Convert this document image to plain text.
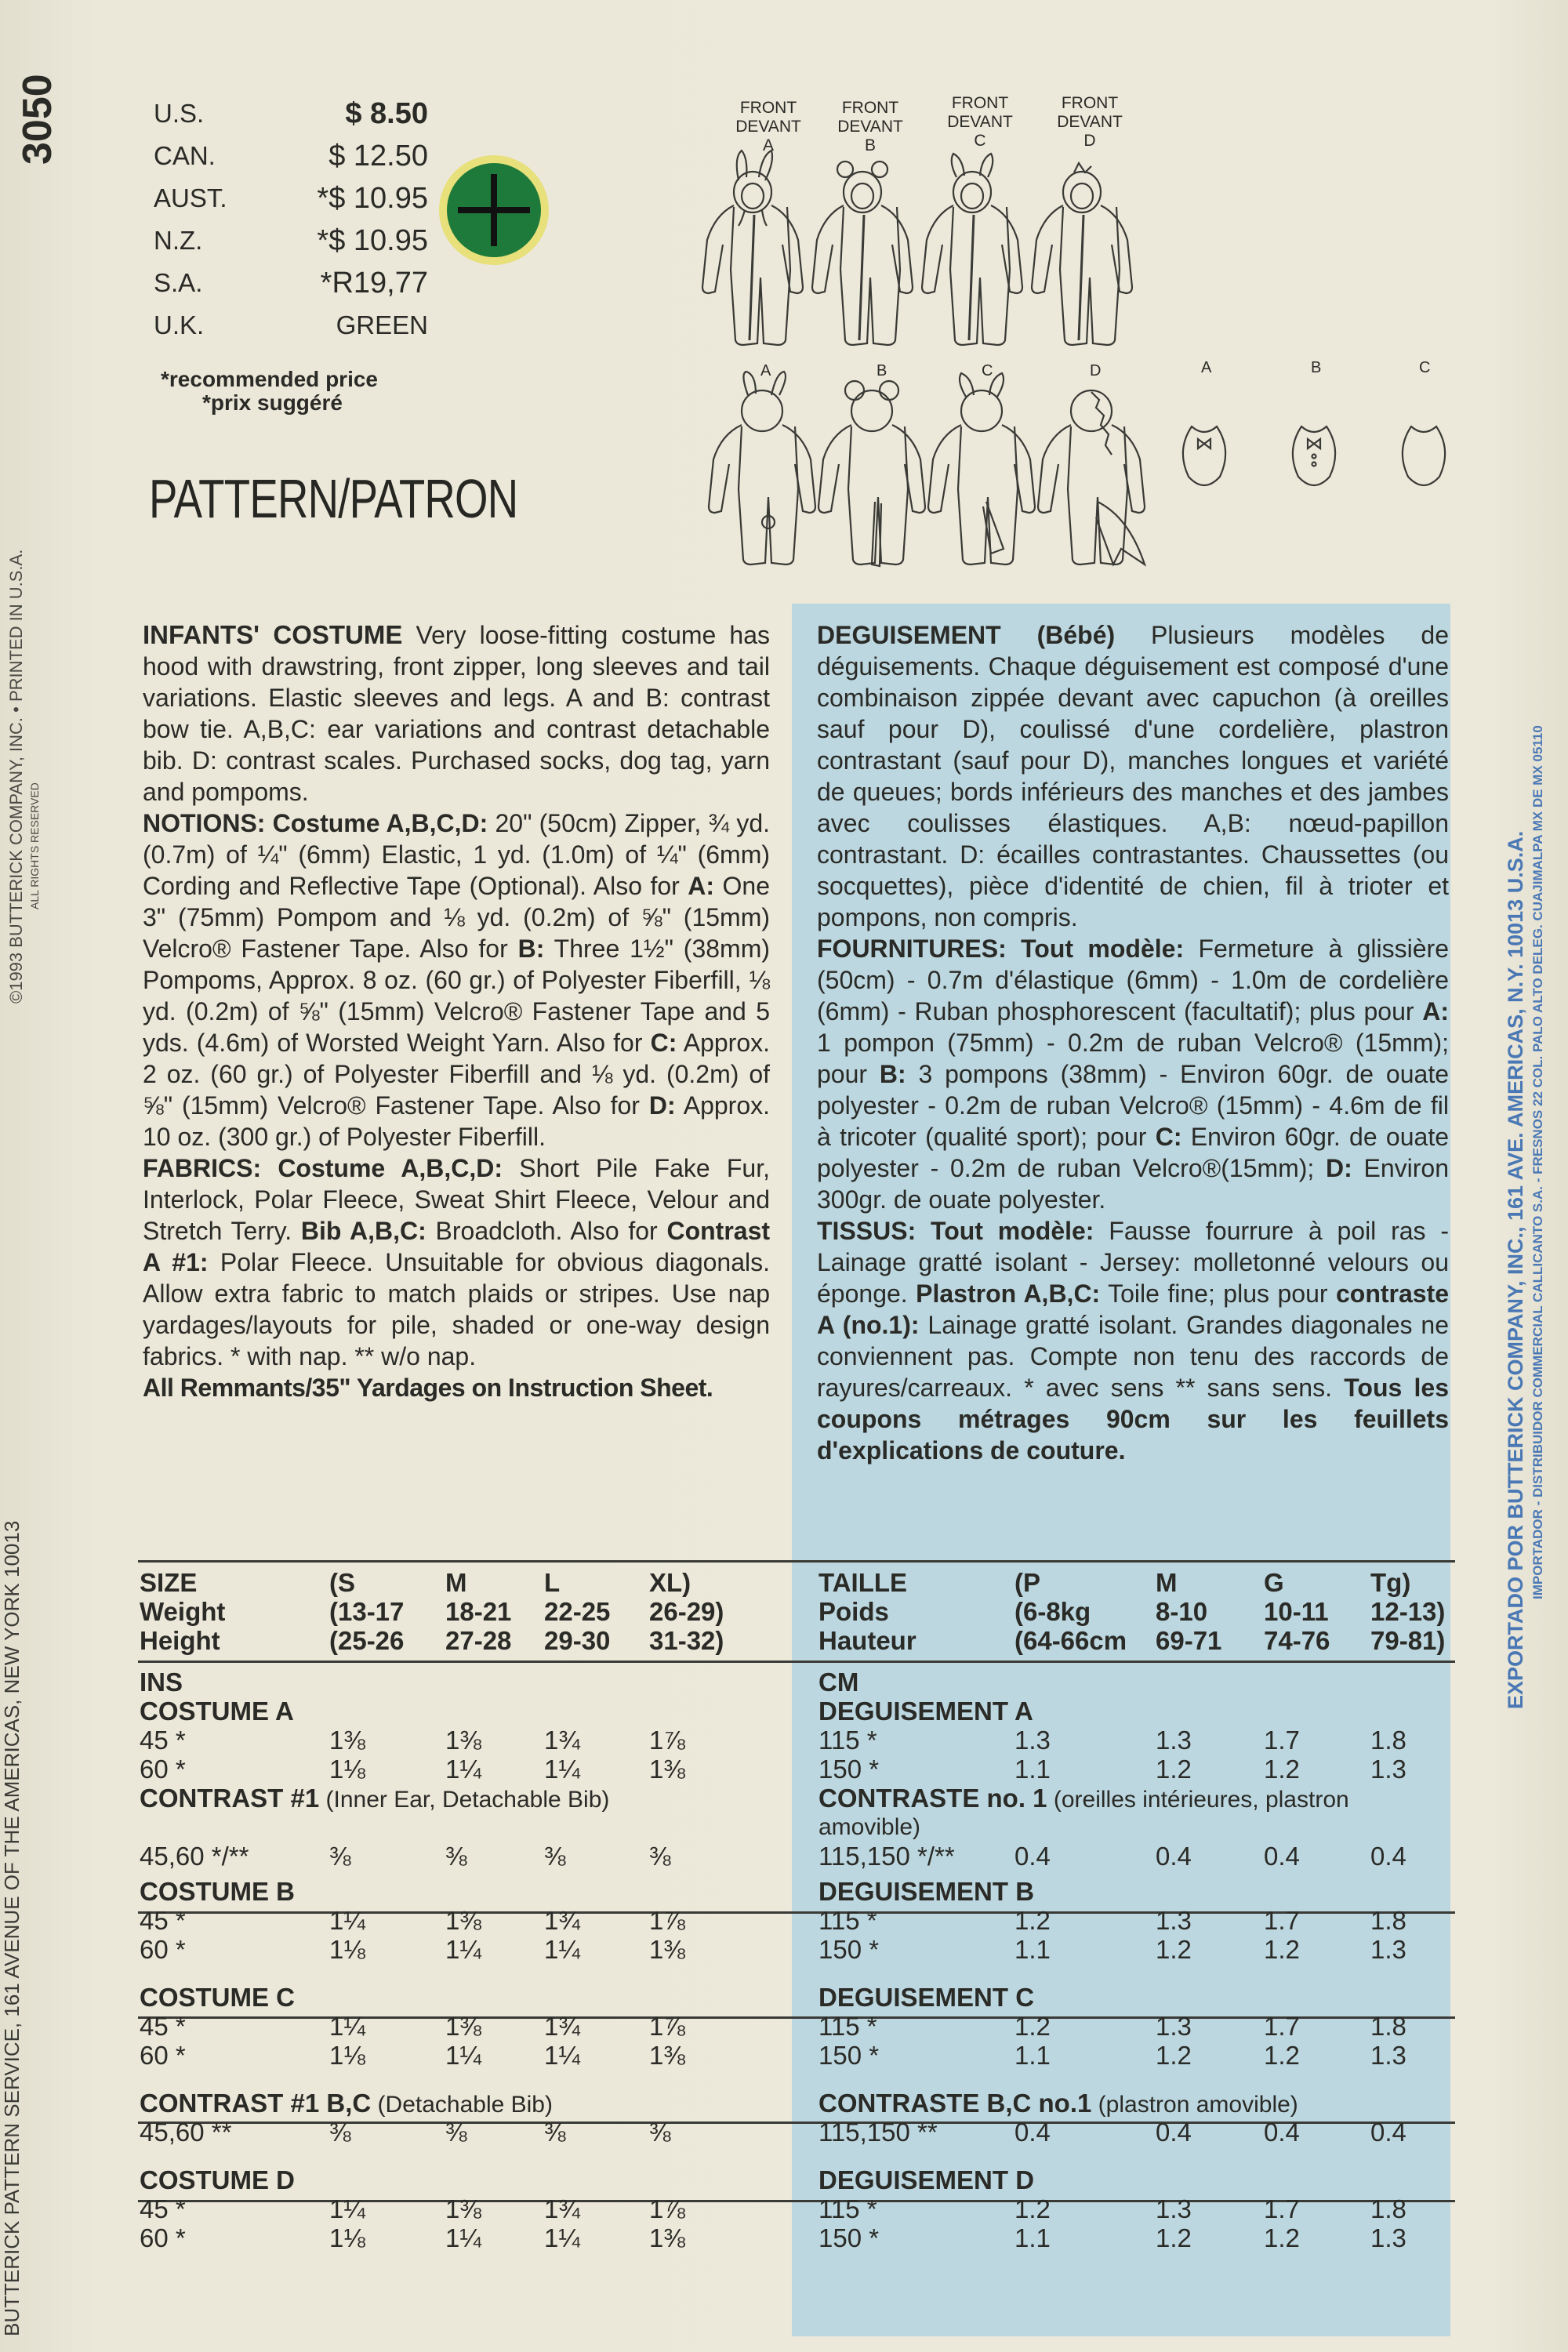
3050
©1993 BUTTERICK COMPANY, INC. • PRINTED IN U.S.A. ALL RIGHTS RESERVED
BUTTERICK PATTERN SERVICE, 161 AVENUE OF THE AMERICAS, NEW YORK 10013
EXPORTADO POR BUTTERICK COMPANY, INC., 161 AVE. AMERICAS, N.Y. 10013 U.S.A. IMPORTADOR - DISTRIBUIDOR COMMERCIAL CALLICANTO S.A. - FRESNOS 22 COL. PALO ALTO DELEG. CUAJIMALPA MX DE MX 05110
U.S.	$ 8.50
CAN.	$ 12.50
AUST.	*$ 10.95
N.Z.	*$ 10.95
S.A.	*R19,77
U.K.	GREEN
*recommended price
*prix suggéré
PATTERN/PATRON
FRONT
DEVANT
A
FRONT
DEVANT
B
FRONT
DEVANT
C
FRONT
DEVANT
D
A	B	C	D	A	B	C

INFANTS' COSTUME Very loose-fitting costume has hood with drawstring, front zipper, long sleeves and tail variations. Elastic sleeves and legs. A and B: contrast bow tie. A,B,C: ear variations and contrast detachable bib. D: contrast scales. Purchased socks, dog tag, yarn and pompoms.

NOTIONS: Costume A,B,C,D: 20" (50cm) Zipper, ¾ yd. (0.7m) of ¼" (6mm) Elastic, 1 yd. (1.0m) of ¼" (6mm) Cording and Reflective Tape (Optional). Also for A: One 3" (75mm) Pompom and ⅛ yd. (0.2m) of ⅝" (15mm) Velcro® Fastener Tape. Also for B: Three 1½" (38mm) Pompoms, Approx. 8 oz. (60 gr.) of Polyester Fiberfill, ⅛ yd. (0.2m) of ⅝" (15mm) Velcro® Fastener Tape and 5 yds. (4.6m) of Worsted Weight Yarn. Also for C: Approx. 2 oz. (60 gr.) of Polyester Fiberfill and ⅛ yd. (0.2m) of ⅝" (15mm) Velcro® Fastener Tape. Also for D: Approx. 10 oz. (300 gr.) of Polyester Fiberfill.

FABRICS: Costume A,B,C,D: Short Pile Fake Fur, Interlock, Polar Fleece, Sweat Shirt Fleece, Velour and Stretch Terry. Bib A,B,C: Broadcloth. Also for Contrast A #1: Polar Fleece. Unsuitable for obvious diagonals. Allow extra fabric to match plaids or stripes. Use nap yardages/layouts for pile, shaded or one-way design fabrics. * with nap. ** w/o nap.

All Remmants/35" Yardages on Instruction Sheet.

DEGUISEMENT (Bébé) Plusieurs modèles de déguisements. Chaque déguisement est composé d'une combinaison zippée devant avec capuchon (à oreilles sauf pour D), coulissé d'une cordelière, plastron contrastant (sauf pour D), manches longues et variété de queues; bords inférieurs des manches et des jambes avec coulisses élastiques. A,B: nœud-papillon contrastant. D: écailles contrastantes. Chaussettes (ou socquettes), pièce d'identité de chien, fil à trioter et pompons, non compris.

FOURNITURES: Tout modèle: Fermeture à glissière (50cm) - 0.7m d'élastique (6mm) - 1.0m de cordelière (6mm) - Ruban phosphorescent (facultatif); plus pour A: 1 pompon (75mm) - 0.2m de ruban Velcro® (15mm); pour B: 3 pompons (38mm) - Environ 60gr. de ouate polyester - 0.2m de ruban Velcro® (15mm) - 4.6m de fil à tricoter (qualité sport); pour C: Environ 60gr. de ouate polyester - 0.2m de ruban Velcro®(15mm); D: Environ 300gr. de ouate polyester.

TISSUS: Tout modèle: Fausse fourrure à poil ras - Lainage gratté isolant - Jersey: molletonné velours ou éponge. Plastron A,B,C: Toile fine; plus pour contraste A (no.1): Lainage gratté isolant. Grandes diagonales ne conviennent pas. Compte non tenu des raccords de rayures/carreaux. * avec sens ** sans sens. Tous les coupons métrages 90cm sur les feuillets d'explications de couture.

SIZE	(S	M	L	XL)
Weight	(13-17 18-21 22-25 26-29)
Height	(25-26 27-28 29-30 31-32)
INS
COSTUME A
45 *	1⅜	1⅜ 1¾	1⅞
60 *	1⅛	1¼ 1¼	1⅜
CONTRAST #1 (Inner Ear, Detachable Bib)
45,60 */**	⅜	⅜	⅜	⅜
COSTUME B
45 *	1¼	1⅜ 1¾	1⅞
60 *	1⅛	1¼ 1¼	1⅜
COSTUME C
45 *	1¼	1⅜ 1¾	1⅞
60 *	1⅛	1¼ 1¼	1⅜
CONTRAST #1 B,C (Detachable Bib)
45,60 **	⅜	⅜	⅜	⅜
COSTUME D
45 *	1¼	1⅜ 1¾	1⅞
60 *	1⅛	1¼ 1¼	1⅜
TAILLE	(P	M	G	Tg)
Poids	(6-8kg	8-10 10-11 12-13)
Hauteur	(64-66cm 69-71 74-76 79-81)
CM
DEGUISEMENT A
115 *	1.3	1.3	1.7	1.8
150 *	1.1	1.2	1.2	1.3
CONTRASTE no. 1 (oreilles intérieures, plastron
amovible)
115,150 */** 0.4	0.4	0.4	0.4
DEGUISEMENT B
115 *	1.2	1.3	1.7	1.8
150 *	1.1	1.2	1.2	1.3
DEGUISEMENT C
115 *	1.2	1.3	1.7	1.8
150 *	1.1	1.2	1.2	1.3
CONTRASTE B,C no.1 (plastron amovible)
115,150 **	0.4	0.4	0.4	0.4
DEGUISEMENT D
115 *	1.2	1.3	1.7	1.8
150 *	1.1	1.2	1.2	1.3
